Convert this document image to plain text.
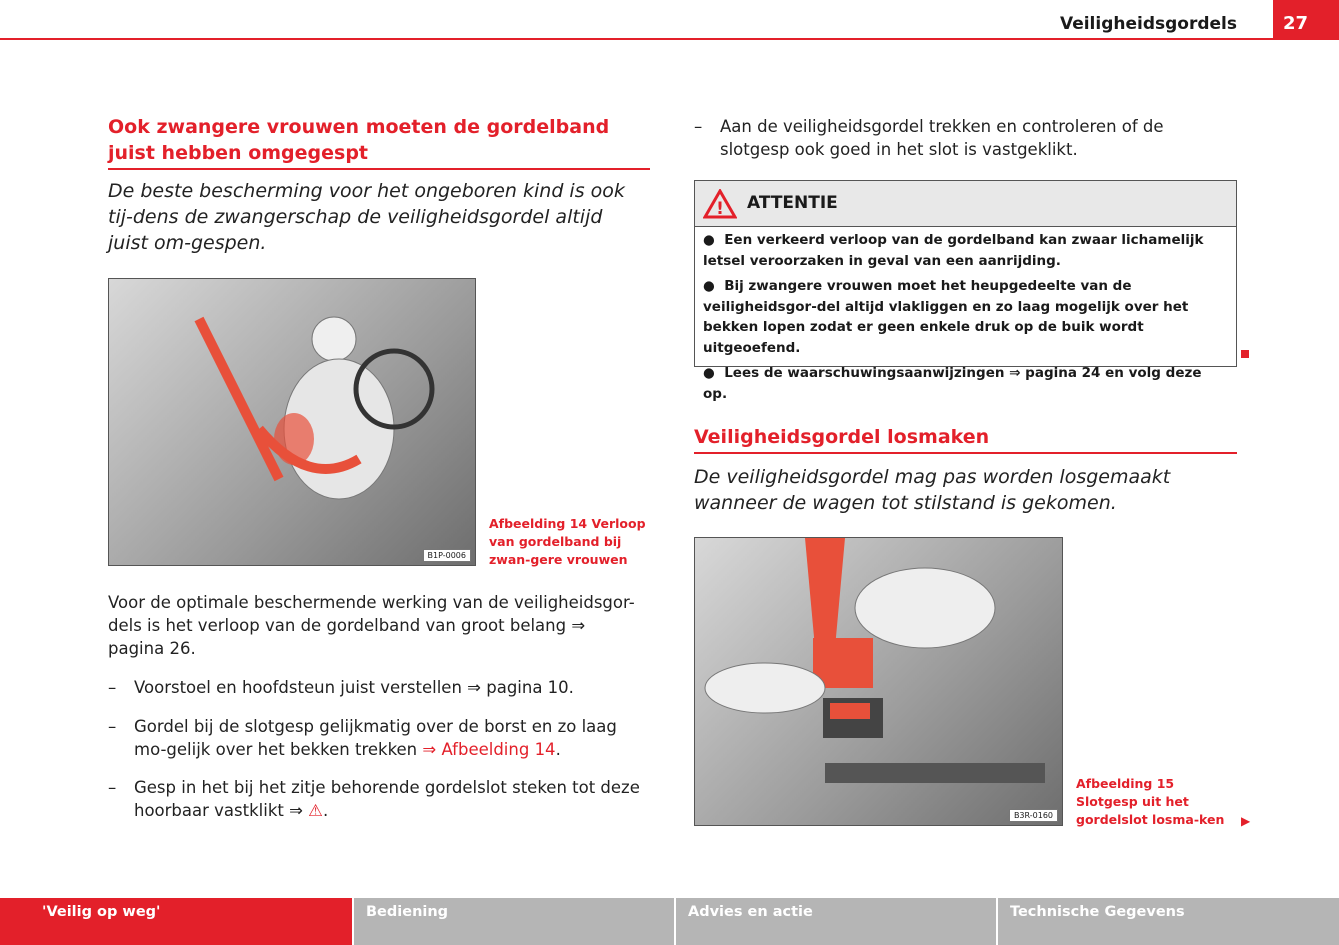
Veiligheidsgordels	27
Ook zwangere vrouwen moeten de gordelband juist hebben omgegespt
De beste bescherming voor het ongeboren kind is ook tij-dens de zwangerschap de veiligheidsgordel altijd juist om-gespen.
B1P-0006
Afbeelding 14 Verloop van gordelband bij zwan-gere vrouwen
Voor de optimale beschermende werking van de veiligheidsgor-dels is het verloop van de gordelband van groot belang ⇒ pagina 26.
– Voorstoel en hoofdsteun juist verstellen ⇒ pagina 10.
– Gordel bij de slotgesp gelijkmatig over de borst en zo laag mo-gelijk over het bekken trekken ⇒ Afbeelding 14.
– Gesp in het bij het zitje behorende gordelslot steken tot deze hoorbaar vastklikt ⇒ ⚠.
– Aan de veiligheidsgordel trekken en controleren of de slotgesp ook goed in het slot is vastgeklikt.
! ATTENTIE
●  Een verkeerd verloop van de gordelband kan zwaar lichamelijk letsel veroorzaken in geval van een aanrijding.
●  Bij zwangere vrouwen moet het heupgedeelte van de veiligheidsgor-del altijd vlakliggen en zo laag mogelijk over het bekken lopen zodat er geen enkele druk op de buik wordt uitgeoefend.
●  Lees de waarschuwingsaanwijzingen ⇒ pagina 24 en volg deze op.
Veiligheidsgordel losmaken
De veiligheidsgordel mag pas worden losgemaakt wanneer de wagen tot stilstand is gekomen.
B3R-0160
Afbeelding 15 Slotgesp uit het gordelslot losma-ken	▶
'Veilig op weg'	Bediening	Advies en actie	Technische Gegevens
